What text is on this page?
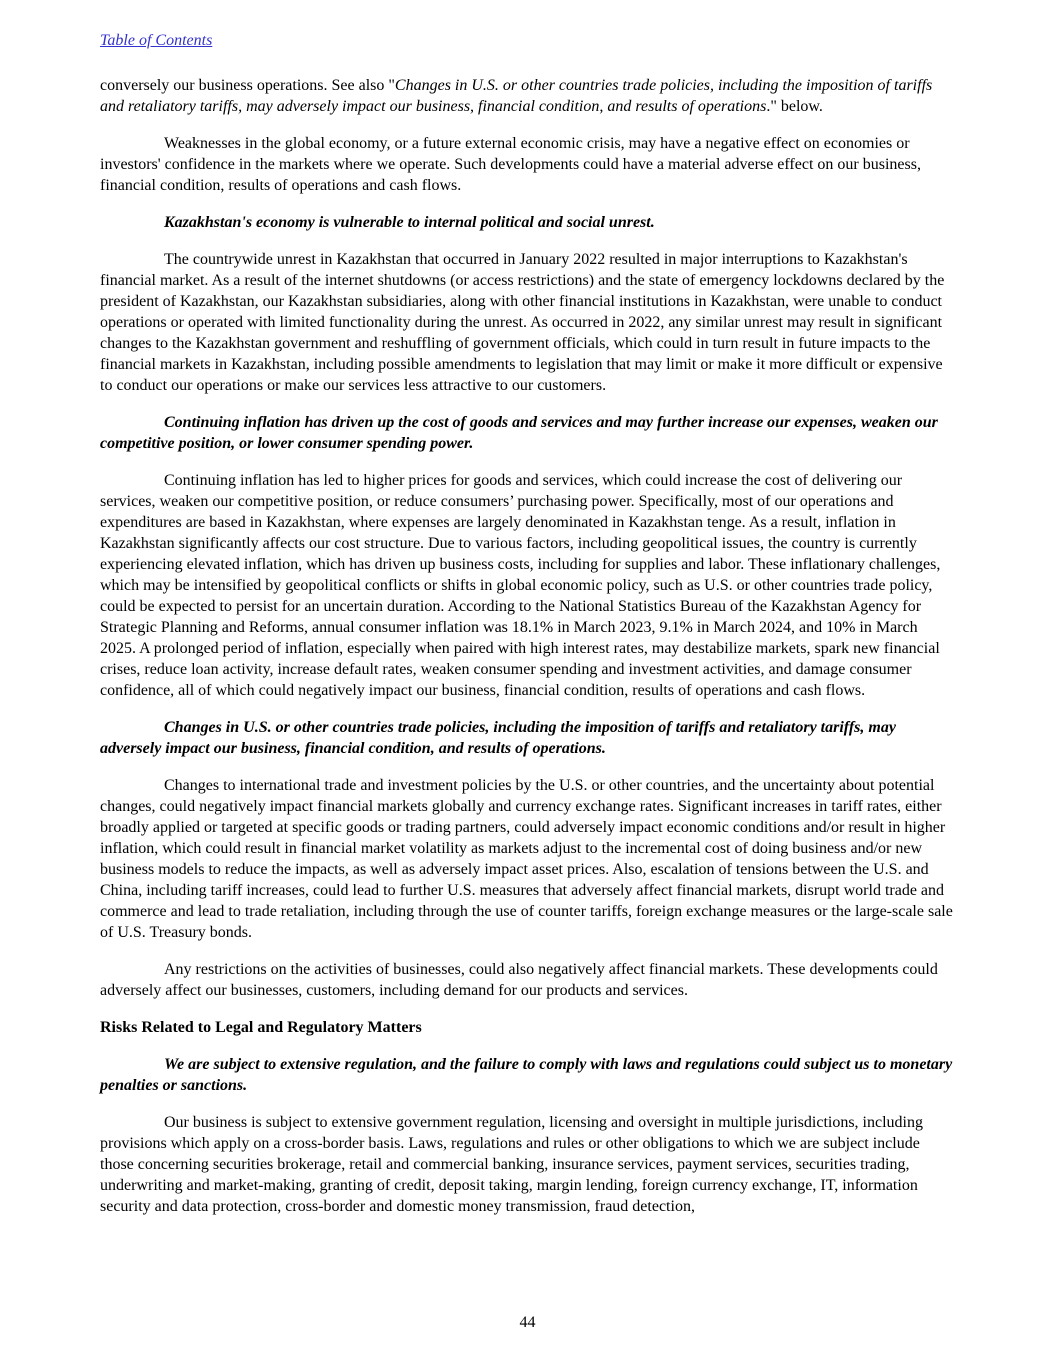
Table of Contents

conversely our business operations. See also "Changes in U.S. or other countries trade policies, including the imposition of tariffs and retaliatory tariffs, may adversely impact our business, financial condition, and results of operations." below.

Weaknesses in the global economy, or a future external economic crisis, may have a negative effect on economies or investors' confidence in the markets where we operate. Such developments could have a material adverse effect on our business, financial condition, results of operations and cash flows.

Kazakhstan's economy is vulnerable to internal political and social unrest.

The countrywide unrest in Kazakhstan that occurred in January 2022 resulted in major interruptions to Kazakhstan's financial market. As a result of the internet shutdowns (or access restrictions) and the state of emergency lockdowns declared by the president of Kazakhstan, our Kazakhstan subsidiaries, along with other financial institutions in Kazakhstan, were unable to conduct operations or operated with limited functionality during the unrest. As occurred in 2022, any similar unrest may result in significant changes to the Kazakhstan government and reshuffling of government officials, which could in turn result in future impacts to the financial markets in Kazakhstan, including possible amendments to legislation that may limit or make it more difficult or expensive to conduct our operations or make our services less attractive to our customers.

Continuing inflation has driven up the cost of goods and services and may further increase our expenses, weaken our competitive position, or lower consumer spending power.

Continuing inflation has led to higher prices for goods and services, which could increase the cost of delivering our services, weaken our competitive position, or reduce consumers’ purchasing power. Specifically, most of our operations and expenditures are based in Kazakhstan, where expenses are largely denominated in Kazakhstan tenge. As a result, inflation in Kazakhstan significantly affects our cost structure. Due to various factors, including geopolitical issues, the country is currently experiencing elevated inflation, which has driven up business costs, including for supplies and labor. These inflationary challenges, which may be intensified by geopolitical conflicts or shifts in global economic policy, such as U.S. or other countries trade policy, could be expected to persist for an uncertain duration. According to the National Statistics Bureau of the Kazakhstan Agency for Strategic Planning and Reforms, annual consumer inflation was 18.1% in March 2023, 9.1% in March 2024, and 10% in March 2025. A prolonged period of inflation, especially when paired with high interest rates, may destabilize markets, spark new financial crises, reduce loan activity, increase default rates, weaken consumer spending and investment activities, and damage consumer confidence, all of which could negatively impact our business, financial condition, results of operations and cash flows.

Changes in U.S. or other countries trade policies, including the imposition of tariffs and retaliatory tariffs, may adversely impact our business, financial condition, and results of operations.

Changes to international trade and investment policies by the U.S. or other countries, and the uncertainty about potential changes, could negatively impact financial markets globally and currency exchange rates. Significant increases in tariff rates, either broadly applied or targeted at specific goods or trading partners, could adversely impact economic conditions and/or result in higher inflation, which could result in financial market volatility as markets adjust to the incremental cost of doing business and/or new business models to reduce the impacts, as well as adversely impact asset prices. Also, escalation of tensions between the U.S. and China, including tariff increases, could lead to further U.S. measures that adversely affect financial markets, disrupt world trade and commerce and lead to trade retaliation, including through the use of counter tariffs, foreign exchange measures or the large-scale sale of U.S. Treasury bonds.

Any restrictions on the activities of businesses, could also negatively affect financial markets. These developments could adversely affect our businesses, customers, including demand for our products and services.

Risks Related to Legal and Regulatory Matters

We are subject to extensive regulation, and the failure to comply with laws and regulations could subject us to monetary penalties or sanctions.

Our business is subject to extensive government regulation, licensing and oversight in multiple jurisdictions, including provisions which apply on a cross-border basis. Laws, regulations and rules or other obligations to which we are subject include those concerning securities brokerage, retail and commercial banking, insurance services, payment services, securities trading, underwriting and market-making, granting of credit, deposit taking, margin lending, foreign currency exchange, IT, information security and data protection, cross-border and domestic money transmission, fraud detection,

44
